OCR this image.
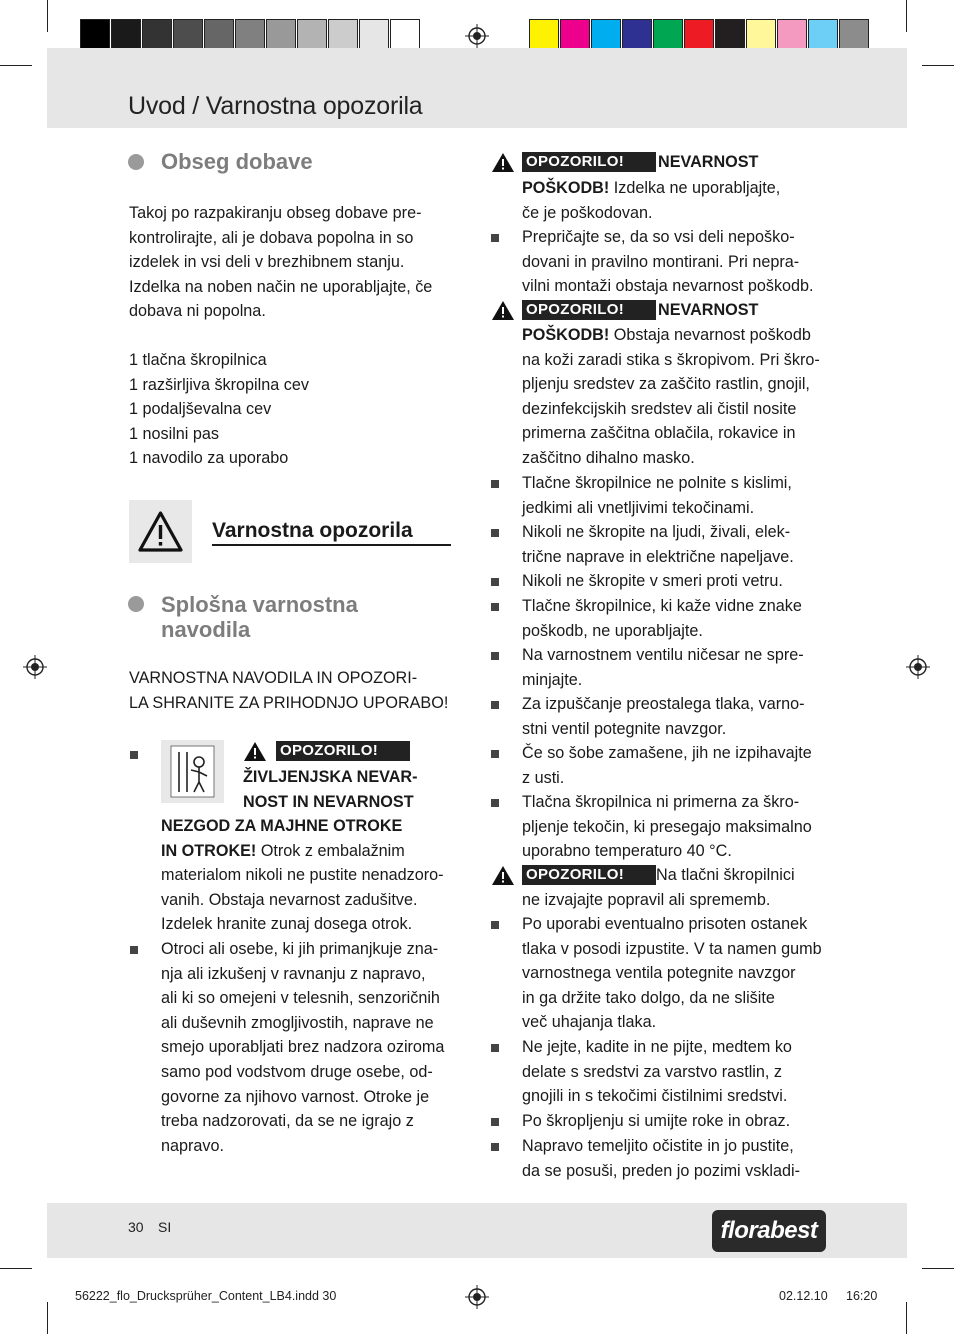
Uvod / Varnostna opozorila
Obseg dobave
Takoj po razpakiranju obseg dobave pre-
kontrolirajte, ali je dobava popolna in so
izdelek in vsi deli v brezhibnem stanju.
Izdelka na noben način ne uporabljajte, če
dobava ni popolna.
1 tlačna škropilnica
1 razširljiva škropilna cev
1 podaljševalna cev
1 nosilni pas
1 navodilo za uporabo
Varnostna opozorila
Splošna varnostna
navodila
VARNOSTNA NAVODILA IN OPOZORI-
LA SHRANITE ZA PRIHODNJO UPORABO!
OPOZORILO!
ŽIVLJENJSKA NEVAR-
NOST IN NEVARNOST
NEZGOD ZA MAJHNE OTROKE
IN OTROKE! Otrok z embalažnim
materialom nikoli ne pustite nenadzoro-
vanih. Obstaja nevarnost zadušitve.
Izdelek hranite zunaj dosega otrok.
Otroci ali osebe, ki jih primanjkuje zna-
nja ali izkušenj v ravnanju z napravo,
ali ki so omejeni v telesnih, senzoričnih
ali duševnih zmogljivostih, naprave ne
smejo uporabljati brez nadzora oziroma
samo pod vodstvom druge osebe, od-
govorne za njihovo varnost. Otroke je
treba nadzorovati, da se ne igrajo z
napravo.
OPOZORILO!	NEVARNOST
POŠKODB! Izdelka ne uporabljajte,
če je poškodovan.
Prepričajte se, da so vsi deli nepoško-
dovani in pravilno montirani. Pri nepra-
vilni montaži obstaja nevarnost poškodb.
OPOZORILO!	NEVARNOST
POŠKODB! Obstaja nevarnost poškodb
na koži zaradi stika s škropivom. Pri škro-
pljenju sredstev za zaščito rastlin, gnojil,
dezinfekcijskih sredstev ali čistil nosite
primerna zaščitna oblačila, rokavice in
zaščitno dihalno masko.
Tlačne škropilnice ne polnite s kislimi,
jedkimi ali vnetljivimi tekočinami.
Nikoli ne škropite na ljudi, živali, elek-
trične naprave in električne napeljave.
Nikoli ne škropite v smeri proti vetru.
Tlačne škropilnice, ki kaže vidne znake
poškodb, ne uporabljajte.
Na varnostnem ventilu ničesar ne spre-
minjajte.
Za izpuščanje preostalega tlaka, varno-
stni ventil potegnite navzgor.
Če so šobe zamašene, jih ne izpihavajte
z usti.
Tlačna škropilnica ni primerna za škro-
pljenje tekočin, ki presegajo maksimalno
uporabno temperaturo 40 °C.
OPOZORILO!	Na tlačni škropilnici
ne izvajajte popravil ali sprememb.
Po uporabi eventualno prisoten ostanek
tlaka v posodi izpustite. V ta namen gumb
varnostnega ventila potegnite navzgor
in ga držite tako dolgo, da ne slišite
več uhajanja tlaka.
Ne jejte, kadite in ne pijte, medtem ko
delate s sredstvi za varstvo rastlin, z
gnojili in s tekočimi čistilnimi sredstvi.
Po škropljenju si umijte roke in obraz.
Napravo temeljito očistite in jo pustite,
da se posuši, preden jo pozimi vskladi-
30 SI	florabest
56222_flo_Drucksprüher_Content_LB4.indd 30	02.12.10 16:20
